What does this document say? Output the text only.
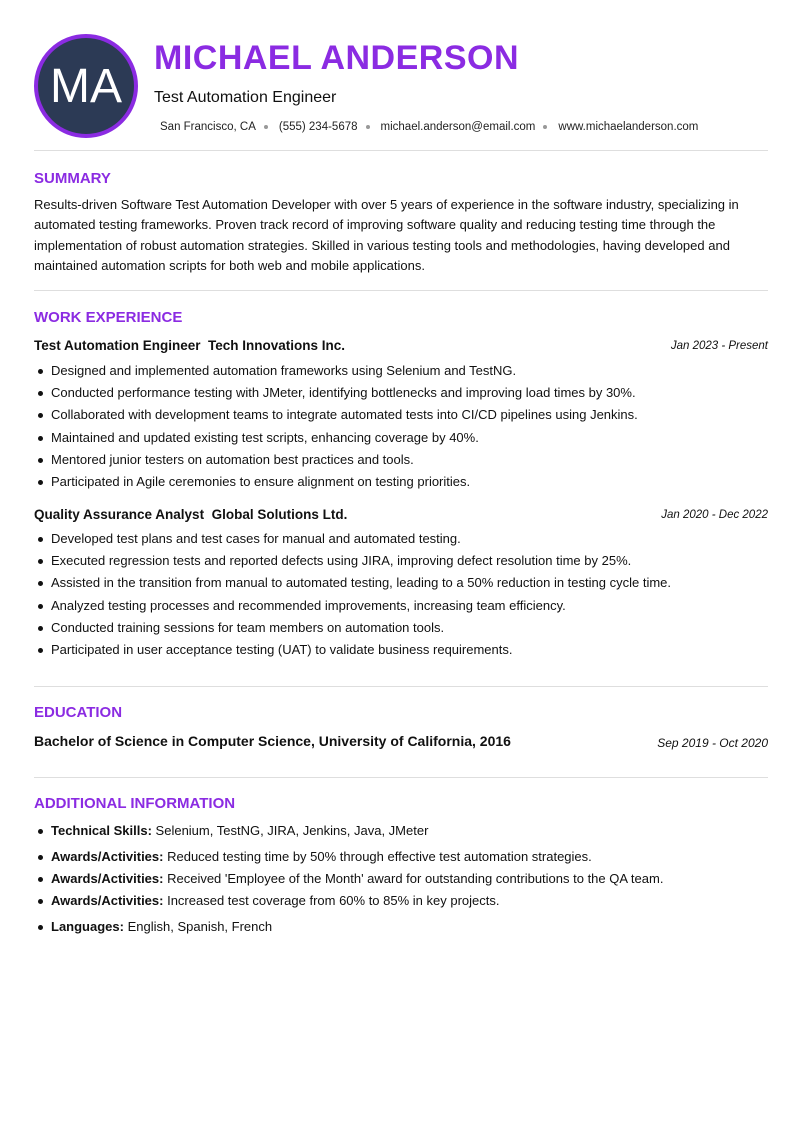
MA
MICHAEL ANDERSON
Test Automation Engineer
San Francisco, CA (555) 234-5678 michael.anderson@email.com www.michaelanderson.com
SUMMARY
Results-driven Software Test Automation Developer with over 5 years of experience in the software industry, specializing in automated testing frameworks. Proven track record of improving software quality and reducing testing time through the implementation of robust automation strategies. Skilled in various testing tools and methodologies, having developed and maintained automation scripts for both web and mobile applications.
WORK EXPERIENCE
Test Automation Engineer Tech Innovations Inc.	Jan 2023 - Present
Designed and implemented automation frameworks using Selenium and TestNG.
Conducted performance testing with JMeter, identifying bottlenecks and improving load times by 30%.
Collaborated with development teams to integrate automated tests into CI/CD pipelines using Jenkins.
Maintained and updated existing test scripts, enhancing coverage by 40%.
Mentored junior testers on automation best practices and tools.
Participated in Agile ceremonies to ensure alignment on testing priorities.
Quality Assurance Analyst Global Solutions Ltd.	Jan 2020 - Dec 2022
Developed test plans and test cases for manual and automated testing.
Executed regression tests and reported defects using JIRA, improving defect resolution time by 25%.
Assisted in the transition from manual to automated testing, leading to a 50% reduction in testing cycle time.
Analyzed testing processes and recommended improvements, increasing team efficiency.
Conducted training sessions for team members on automation tools.
Participated in user acceptance testing (UAT) to validate business requirements.
EDUCATION
Bachelor of Science in Computer Science, University of California, 2016	Sep 2019 - Oct 2020
ADDITIONAL INFORMATION
Technical Skills: Selenium, TestNG, JIRA, Jenkins, Java, JMeter
Awards/Activities: Reduced testing time by 50% through effective test automation strategies.
Awards/Activities: Received 'Employee of the Month' award for outstanding contributions to the QA team.
Awards/Activities: Increased test coverage from 60% to 85% in key projects.
Languages: English, Spanish, French
